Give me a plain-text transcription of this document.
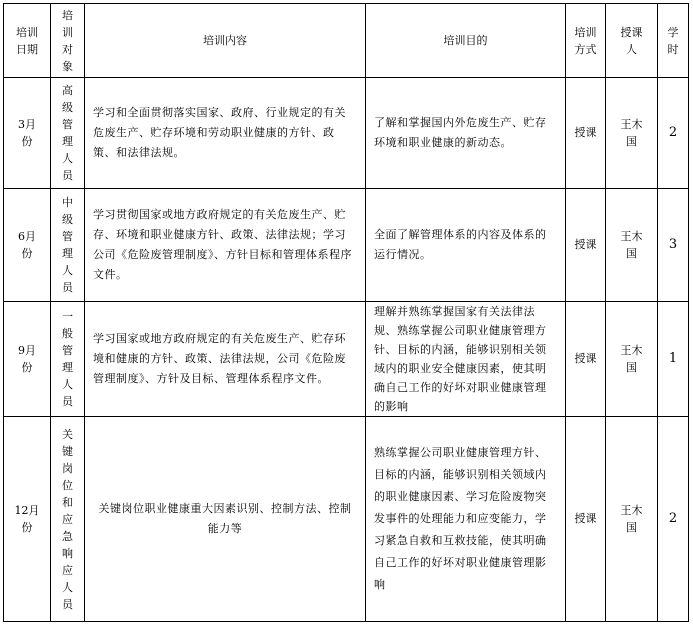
培训日期	培训对象	培训内容	培训目的	培训方式	授课人	学时

3月份	高级管理人员	学习和全面贯彻落实国家、政府、行业规定的有关危废生产、贮存环境和劳动职业健康的方针、政策、和法律法规。	了解和掌握国内外危废生产、贮存环境和职业健康的新动态。	授课	王木国	2

6月份	中级管理人员	学习贯彻国家或地方政府规定的有关危废生产、贮存、环境和职业健康方针、政策、法律法规；学习公司《危险废管理制度》、方针目标和管理体系程序文件。	全面了解管理体系的内容及体系的运行情况。	授课	王木国	3

9月份	一般管理人员	学习国家或地方政府规定的有关危废生产、贮存环境和健康的方针、政策、法律法规，公司《危险废管理制度》、方针及目标、管理体系程序文件。	理解并熟练掌握国家有关法律法规、熟练掌握公司职业健康管理方针、目标的内涵，能够识别相关领域内的职业安全健康因素，使其明确自己工作的好坏对职业健康管理的影响	授课	王木国	1

12月份	关键岗位和应急响应人员	关键岗位职业健康重大因素识别、控制方法、控制能力等	熟练掌握公司职业健康管理方针、目标的内涵，能够识别相关领域内的职业健康因素、学习危险废物突发事件的处理能力和应变能力，学习紧急自救和互救技能，使其明确自己工作的好坏对职业健康管理影响	授课	王木国	2
